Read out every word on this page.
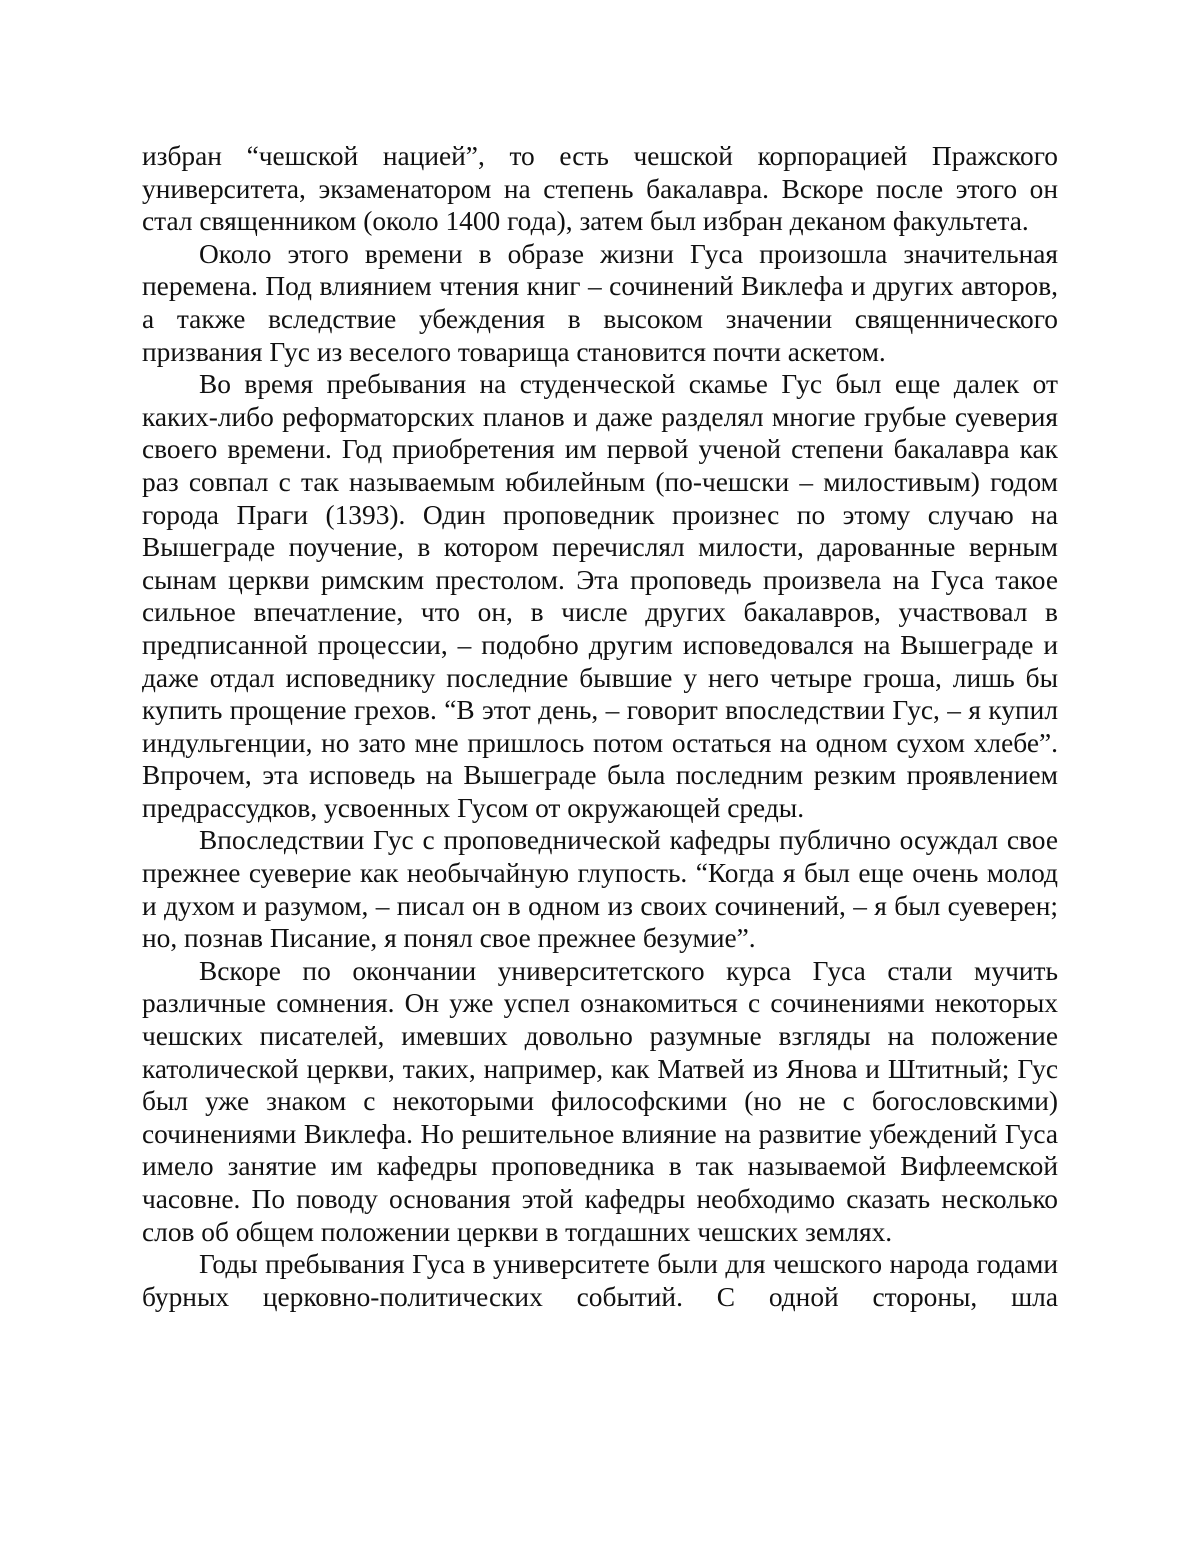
избран “чешской нацией”, то есть чешской корпорацией Пражского университета, экзаменатором на степень бакалавра. Вскоре после этого он стал священником (около 1400 года), затем был избран деканом факультета.

Около этого времени в образе жизни Гуса произошла значительная перемена. Под влиянием чтения книг – сочинений Виклефа и других авторов, а также вследствие убеждения в высоком значении священнического призвания Гус из веселого товарища становится почти аскетом.

Во время пребывания на студенческой скамье Гус был еще далек от каких-либо реформаторских планов и даже разделял многие грубые суеверия своего времени. Год приобретения им первой ученой степени бакалавра как раз совпал с так называемым юбилейным (по-чешски – милостивым) годом города Праги (1393). Один проповедник произнес по этому случаю на Вышеграде поучение, в котором перечислял милости, дарованные верным сынам церкви римским престолом. Эта проповедь произвела на Гуса такое сильное впечатление, что он, в числе других бакалавров, участвовал в предписанной процессии, – подобно другим исповедовался на Вышеграде и даже отдал исповеднику последние бывшие у него четыре гроша, лишь бы купить прощение грехов. “В этот день, – говорит впоследствии Гус, – я купил индульгенции, но зато мне пришлось потом остаться на одном сухом хлебе”. Впрочем, эта исповедь на Вышеграде была последним резким проявлением предрассудков, усвоенных Гусом от окружающей среды.

Впоследствии Гус с проповеднической кафедры публично осуждал свое прежнее суеверие как необычайную глупость. “Когда я был еще очень молод и духом и разумом, – писал он в одном из своих сочинений, – я был суеверен; но, познав Писание, я понял свое прежнее безумие”.

Вскоре по окончании университетского курса Гуса стали мучить различные сомнения. Он уже успел ознакомиться с сочинениями некоторых чешских писателей, имевших довольно разумные взгляды на положение католической церкви, таких, например, как Матвей из Янова и Штитный; Гус был уже знаком с некоторыми философскими (но не с богословскими) сочинениями Виклефа. Но решительное влияние на развитие убеждений Гуса имело занятие им кафедры проповедника в так называемой Вифлеемской часовне. По поводу основания этой кафедры необходимо сказать несколько слов об общем положении церкви в тогдашних чешских землях.

Годы пребывания Гуса в университете были для чешского народа годами бурных церковно-политических событий. С одной стороны, шла
